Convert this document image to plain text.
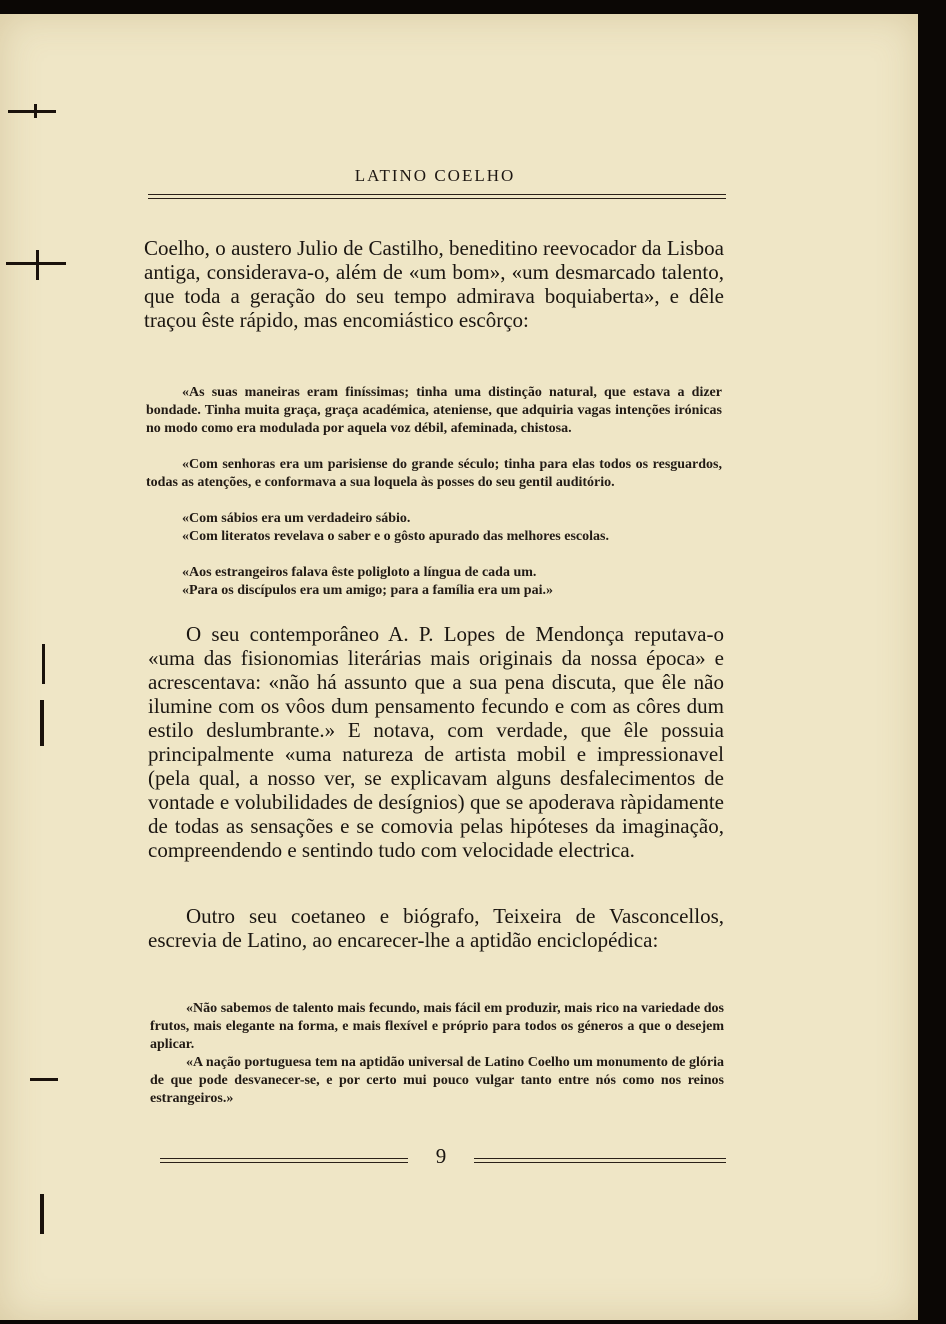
LATINO COELHO

Coelho, o austero Julio de Castilho, beneditino reevocador da Lisboa antiga, considerava-o, além de «um bom», «um desmarcado talento, que toda a geração do seu tempo admirava boquiaberta», e dêle traçou êste rápido, mas encomiástico escôrço:

«As suas maneiras eram finíssimas; tinha uma distinção natural, que estava a dizer bondade. Tinha muita graça, graça académica, ateniense, que adquiria vagas intenções irónicas no modo como era modulada por aquela voz débil, afeminada, chistosa.

«Com senhoras era um parisiense do grande século; tinha para elas todos os resguardos, todas as atenções, e conformava a sua loquela às posses do seu gentil auditório.

«Com sábios era um verdadeiro sábio.

«Com literatos revelava o saber e o gôsto apurado das melhores escolas.

«Aos estrangeiros falava êste poligloto a língua de cada um.

«Para os discípulos era um amigo; para a família era um pai.»

O seu contemporâneo A. P. Lopes de Mendonça reputava-o «uma das fisionomias literárias mais originais da nossa época» e acrescentava: «não há assunto que a sua pena discuta, que êle não ilumine com os vôos dum pensamento fecundo e com as côres dum estilo deslumbrante.» E notava, com verdade, que êle possuia principalmente «uma natureza de artista mobil e impressionavel (pela qual, a nosso ver, se explicavam alguns desfalecimentos de vontade e volubilidades de desígnios) que se apoderava ràpidamente de todas as sensações e se comovia pelas hipóteses da imaginação, compreendendo e sentindo tudo com velocidade electrica.

Outro seu coetaneo e biógrafo, Teixeira de Vasconcellos, escrevia de Latino, ao encarecer-lhe a aptidão enciclopédica:

«Não sabemos de talento mais fecundo, mais fácil em produzir, mais rico na variedade dos frutos, mais elegante na forma, e mais flexível e próprio para todos os géneros a que o desejem aplicar.

«A nação portuguesa tem na aptidão universal de Latino Coelho um monumento de glória de que pode desvanecer-se, e por certo mui pouco vulgar tanto entre nós como nos reinos estrangeiros.»

9
